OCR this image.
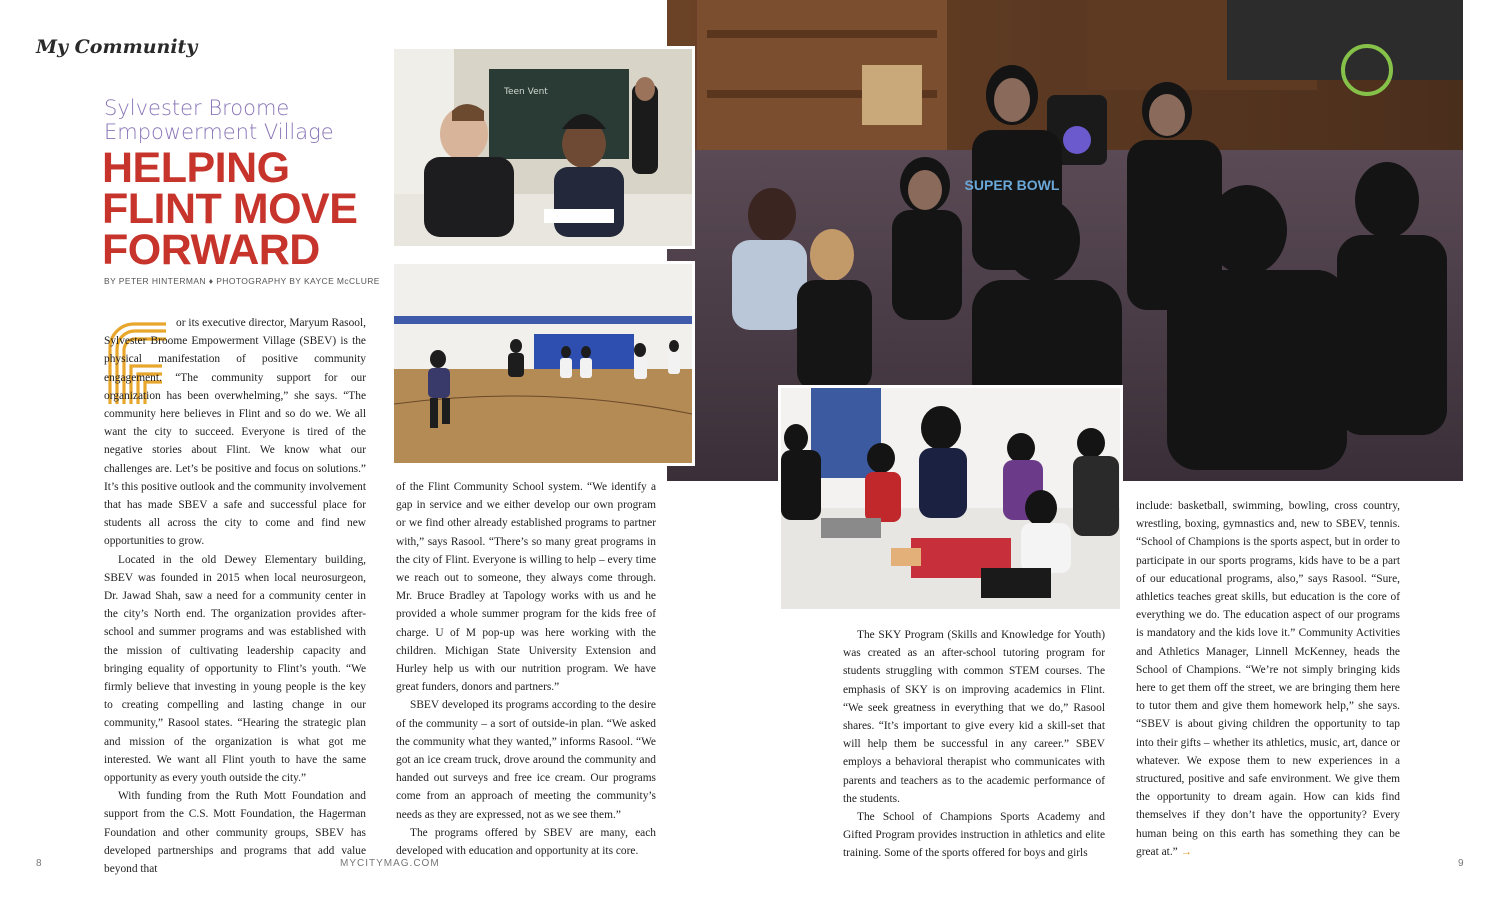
My Community
Sylvester Broome Empowerment Village
HELPING FLINT MOVE FORWARD
BY PETER HINTERMAN ♦ PHOTOGRAPHY BY KAYCE McCLURE

or its executive director, Maryum Rasool, Sylvester Broome Empowerment Village (SBEV) is the physical manifestation of positive community engagement. “The community support for our organization has been overwhelming,” she says. “The community here believes in Flint and so do we. We all want the city to succeed. Everyone is tired of the negative stories about Flint. We know what our challenges are. Let’s be positive and focus on solutions.” It’s this positive outlook and the community involvement that has made SBEV a safe and successful place for students all across the city to come and find new opportunities to grow.

Located in the old Dewey Elementary building, SBEV was founded in 2015 when local neurosurgeon, Dr. Jawad Shah, saw a need for a community center in the city’s North end. The organization provides after-school and summer programs and was established with the mission of cultivating leadership capacity and bringing equality of opportunity to Flint’s youth. “We firmly believe that investing in young people is the key to creating compelling and lasting change in our community,” Rasool states. “Hearing the strategic plan and mission of the organization is what got me interested. We want all Flint youth to have the same opportunity as every youth outside the city.”

With funding from the Ruth Mott Foundation and support from the C.S. Mott Foundation, the Hagerman Foundation and other community groups, SBEV has developed partnerships and programs that add value beyond that

of the Flint Community School system. “We identify a gap in service and we either develop our own program or we find other already established programs to partner with,” says Rasool. “There’s so many great programs in the city of Flint. Everyone is willing to help – every time we reach out to someone, they always come through. Mr. Bruce Bradley at Tapology works with us and he provided a whole summer program for the kids free of charge. U of M pop-up was here working with the children. Michigan State University Extension and Hurley help us with our nutrition program. We have great funders, donors and partners.”

SBEV developed its programs according to the desire of the community – a sort of outside-in plan. “We asked the community what they wanted,” informs Rasool. “We got an ice cream truck, drove around the community and handed out surveys and free ice cream. Our programs come from an approach of meeting the community’s needs as they are expressed, not as we see them.”

The programs offered by SBEV are many, each developed with education and opportunity at its core.

The SKY Program (Skills and Knowledge for Youth) was created as an after-school tutoring program for students struggling with common STEM courses. The emphasis of SKY is on improving academics in Flint. “We seek greatness in everything that we do,” Rasool shares. “It’s important to give every kid a skill-set that will help them be successful in any career.” SBEV employs a behavioral therapist who communicates with parents and teachers as to the academic performance of the students.

The School of Champions Sports Academy and Gifted Program provides instruction in athletics and elite training. Some of the sports offered for boys and girls

include: basketball, swimming, bowling, cross country, wrestling, boxing, gymnastics and, new to SBEV, tennis. “School of Champions is the sports aspect, but in order to participate in our sports programs, kids have to be a part of our educational programs, also,” says Rasool. “Sure, athletics teaches great skills, but education is the core of everything we do. The education aspect of our programs is mandatory and the kids love it.” Community Activities and Athletics Manager, Linnell McKenney, heads the School of Champions. “We’re not simply bringing kids here to get them off the street, we are bringing them here to tutor them and give them homework help,” she says. “SBEV is about giving children the opportunity to tap into their gifts – whether its athletics, music, art, dance or whatever. We expose them to new experiences in a structured, positive and safe environment. We give them the opportunity to dream again. How can kids find themselves if they don’t have the opportunity? Every human being on this earth has something they can be great at.” →

SUPER BOWL
Teen Vent
8	MYCITYMAG.COM	9
